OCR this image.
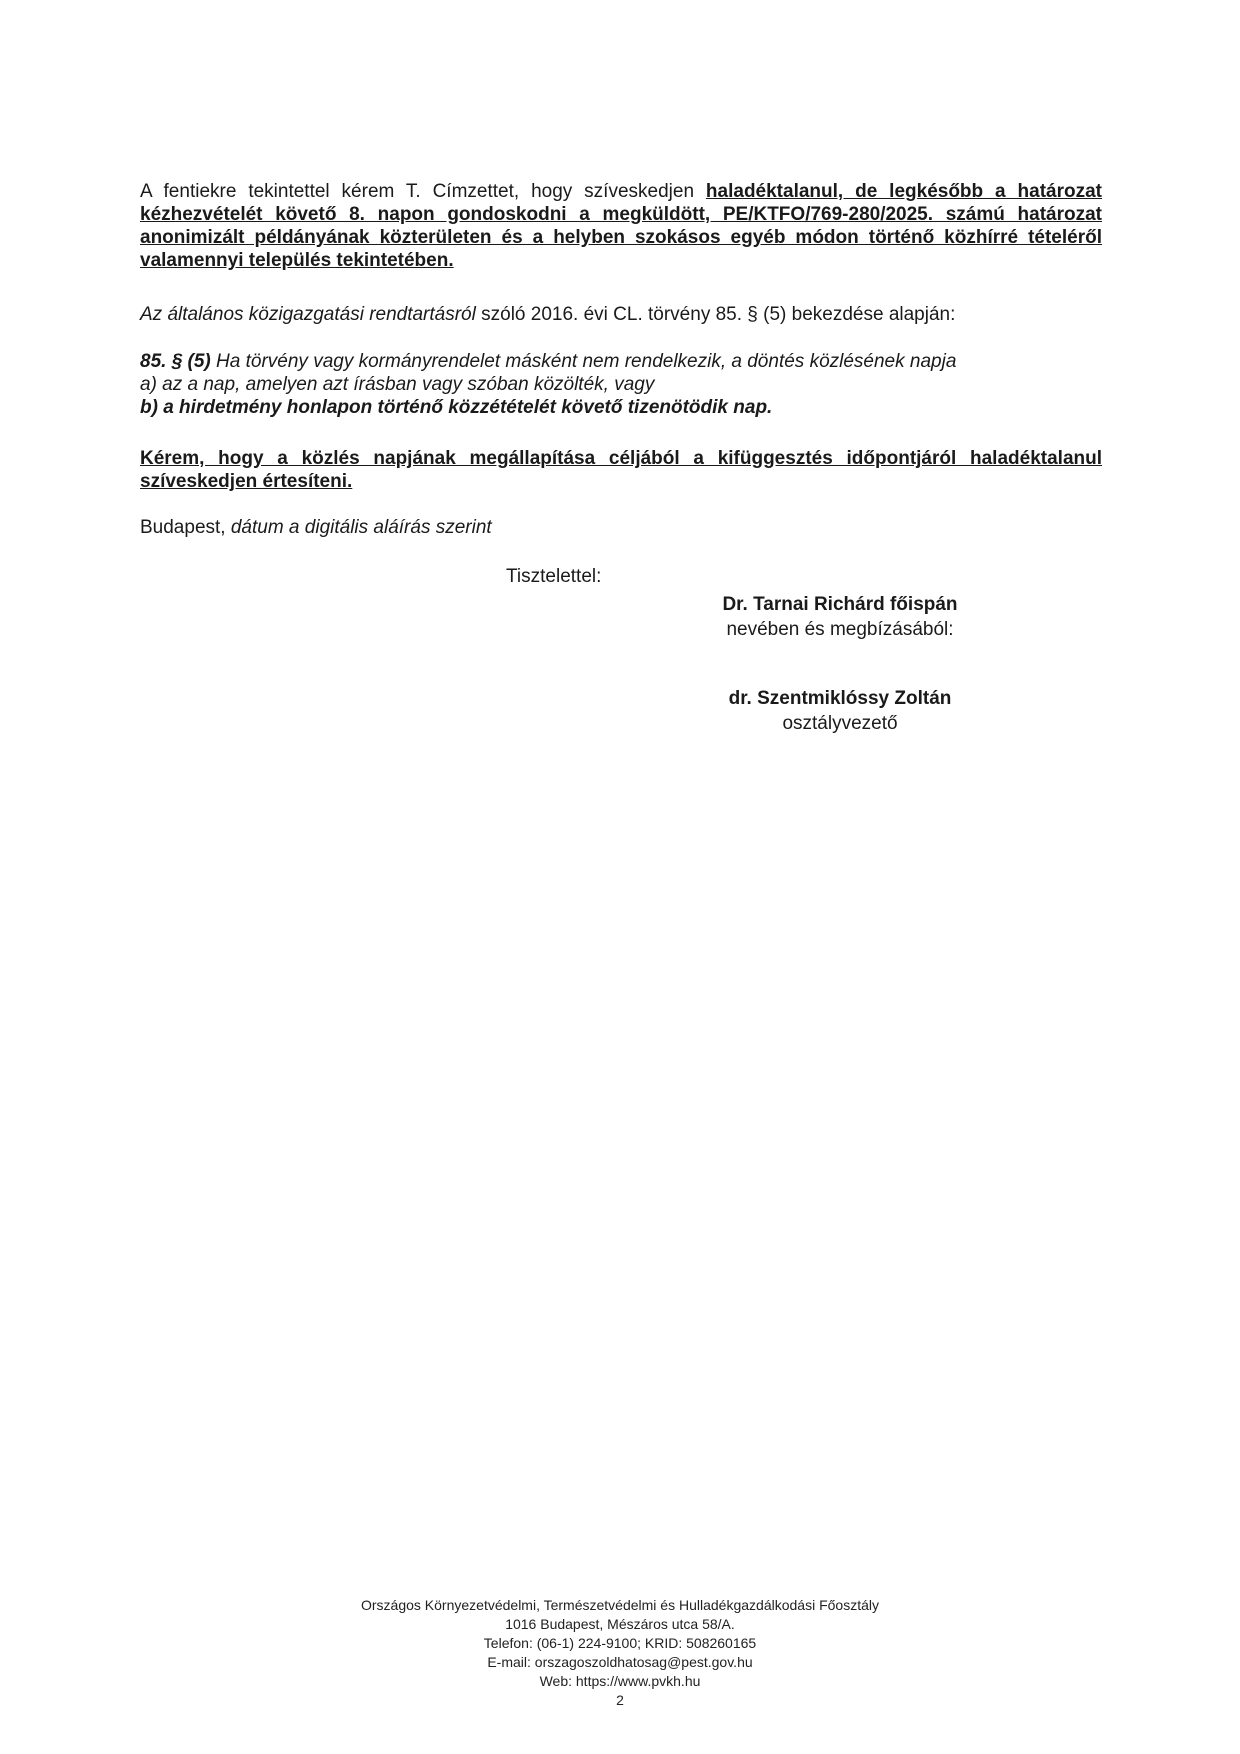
A fentiekre tekintettel kérem T. Címzettet, hogy szíveskedjen haladéktalanul, de legkésőbb a határozat
kézhezvételét követő 8. napon gondoskodni a megküldött, PE/KTFO/769-280/2025. számú határozat
anonimizált példányának közterületen és a helyben szokásos egyéb módon történő közhírré tételéről
valamennyi település tekintetében.
Az általános közigazgatási rendtartásról szóló 2016. évi CL. törvény 85. § (5) bekezdése alapján:
85. § (5) Ha törvény vagy kormányrendelet másként nem rendelkezik, a döntés közlésének napja
a) az a nap, amelyen azt írásban vagy szóban közölték, vagy
b) a hirdetmény honlapon történő közzétételét követő tizenötödik nap.
Kérem, hogy a közlés napjának megállapítása céljából a kifüggesztés időpontjáról haladéktalanul
szíveskedjen értesíteni.
Budapest, dátum a digitális aláírás szerint
Tisztelettel:
Dr. Tarnai Richárd főispán
nevében és megbízásából:
dr. Szentmiklóssy Zoltán
osztályvezető
Országos Környezetvédelmi, Természetvédelmi és Hulladékgazdálkodási Főosztály
1016 Budapest, Mészáros utca 58/A.
Telefon: (06-1) 224-9100; KRID: 508260165
E-mail: orszagoszoldhatosag@pest.gov.hu
Web: https://www.pvkh.hu
2
